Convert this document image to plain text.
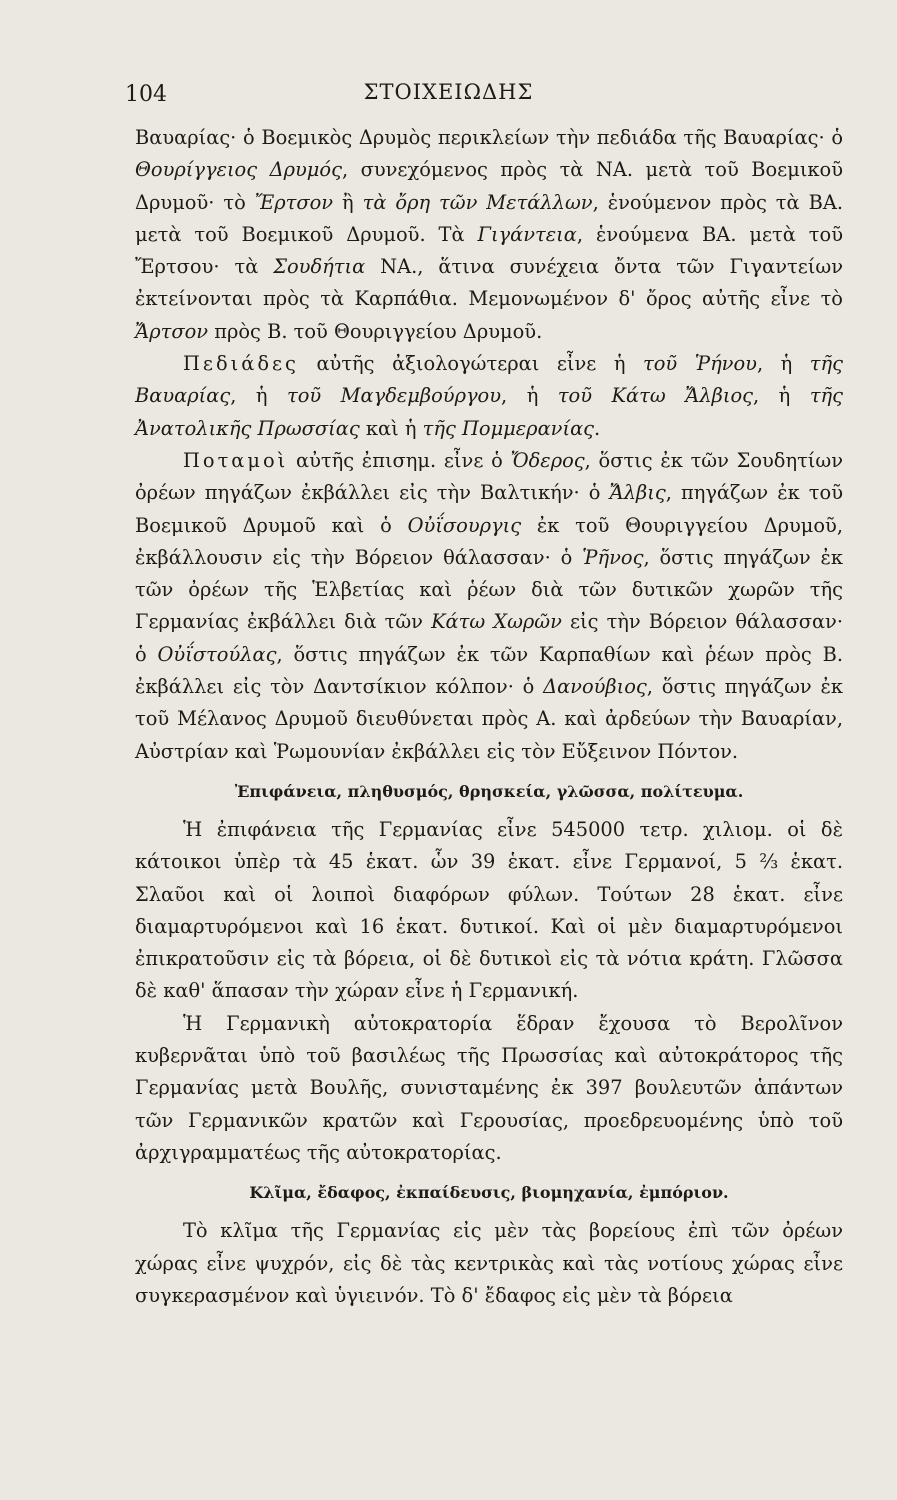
104	ΣΤΟΙΧΕΙΩΔΗΣ

Βαυαρίας· ὁ Βοεμικὸς Δρυμὸς περικλείων τὴν πεδιάδα τῆς Βαυαρίας· ὁ Θουρίγγειος Δρυμός, συνεχόμενος πρὸς τὰ ΝΑ. μετὰ τοῦ Βοεμικοῦ Δρυμοῦ· τὸ Ἔρτσον ἢ τὰ ὄρη τῶν Μετάλλων, ἑνούμενον πρὸς τὰ ΒΑ. μετὰ τοῦ Βοεμικοῦ Δρυμοῦ. Τὰ Γιγάντεια, ἑνούμενα ΒΑ. μετὰ τοῦ Ἔρτσου· τὰ Σουδήτια ΝΑ., ἅτινα συνέχεια ὄντα τῶν Γιγαντείων ἐκτείνονται πρὸς τὰ Καρπάθια. Μεμονωμένον δ' ὄρος αὐτῆς εἶνε τὸ Ἄρτσον πρὸς Β. τοῦ Θουριγγείου Δρυμοῦ.

Πεδιάδες αὐτῆς ἀξιολογώτεραι εἶνε ἡ τοῦ Ῥήνου, ἡ τῆς Βαυαρίας, ἡ τοῦ Μαγδεμβούργου, ἡ τοῦ Κάτω Ἄλβιος, ἡ τῆς Ἀνατολικῆς Πρωσσίας καὶ ἡ τῆς Πομμερανίας.

Ποταμοὶ αὐτῆς ἐπισημ. εἶνε ὁ Ὄδερος, ὅστις ἐκ τῶν Σουδητίων ὀρέων πηγάζων ἐκβάλλει εἰς τὴν Βαλτικήν· ὁ Ἄλβις, πηγάζων ἐκ τοῦ Βοεμικοῦ Δρυμοῦ καὶ ὁ Οὐΐσουργις ἐκ τοῦ Θουριγγείου Δρυμοῦ, ἐκβάλλουσιν εἰς τὴν Βόρειον θάλασσαν· ὁ Ῥῆνος, ὅστις πηγάζων ἐκ τῶν ὀρέων τῆς Ἑλβετίας καὶ ῥέων διὰ τῶν δυτικῶν χωρῶν τῆς Γερμανίας ἐκβάλλει διὰ τῶν Κάτω Χωρῶν εἰς τὴν Βόρειον θάλασσαν· ὁ Οὐΐστούλας, ὅστις πηγάζων ἐκ τῶν Καρπαθίων καὶ ῥέων πρὸς Β. ἐκβάλλει εἰς τὸν Δαντσίκιον κόλπον· ὁ Δανούβιος, ὅστις πηγάζων ἐκ τοῦ Μέλανος Δρυμοῦ διευθύνεται πρὸς Α. καὶ ἀρδεύων τὴν Βαυαρίαν, Αὐστρίαν καὶ Ῥωμουνίαν ἐκβάλλει εἰς τὸν Εὔξεινον Πόντον.

Ἐπιφάνεια, πληθυσμός, θρησκεία, γλῶσσα, πολίτευμα.

Ἡ ἐπιφάνεια τῆς Γερμανίας εἶνε 545000 τετρ. χιλιομ. οἱ δὲ κάτοικοι ὑπὲρ τὰ 45 ἑκατ. ὧν 39 ἑκατ. εἶνε Γερμανοί, 5 ⅔ ἑκατ. Σλαῦοι καὶ οἱ λοιποὶ διαφόρων φύλων. Τούτων 28 ἑκατ. εἶνε διαμαρτυρόμενοι καὶ 16 ἑκατ. δυτικοί. Καὶ οἱ μὲν διαμαρτυρόμενοι ἐπικρατοῦσιν εἰς τὰ βόρεια, οἱ δὲ δυτικοὶ εἰς τὰ νότια κράτη. Γλῶσσα δὲ καθ' ἅπασαν τὴν χώραν εἶνε ἡ Γερμανική.

Ἡ Γερμανικὴ αὐτοκρατορία ἕδραν ἔχουσα τὸ Βερολῖνον κυβερνᾶται ὑπὸ τοῦ βασιλέως τῆς Πρωσσίας καὶ αὐτοκράτορος τῆς Γερμανίας μετὰ Βουλῆς, συνισταμένης ἐκ 397 βουλευτῶν ἁπάντων τῶν Γερμανικῶν κρατῶν καὶ Γερουσίας, προεδρευομένης ὑπὸ τοῦ ἀρχιγραμματέως τῆς αὐτοκρατορίας.

Κλῖμα, ἔδαφος, ἐκπαίδευσις, βιομηχανία, ἐμπόριον.

Τὸ κλῖμα τῆς Γερμανίας εἰς μὲν τὰς βορείους ἐπὶ τῶν ὀρέων χώρας εἶνε ψυχρόν, εἰς δὲ τὰς κεντρικὰς καὶ τὰς νοτίους χώρας εἶνε συγκερασμένον καὶ ὑγιεινόν. Τὸ δ' ἔδαφος εἰς μὲν τὰ βόρεια
